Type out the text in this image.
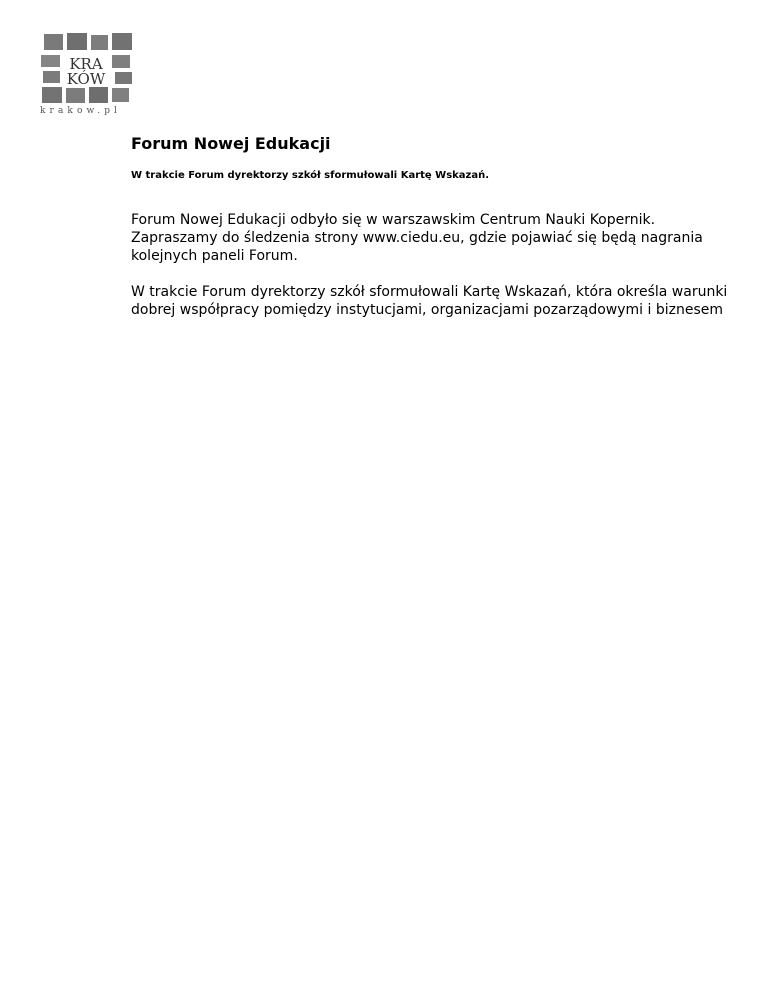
KRA
KÓW
krakow.pl
Forum Nowej Edukacji

W trakcie Forum dyrektorzy szkół sformułowali Kartę Wskazań.

Forum Nowej Edukacji odbyło się w warszawskim Centrum Nauki Kopernik. Zapraszamy do śledzenia strony www.ciedu.eu, gdzie pojawiać się będą nagrania kolejnych paneli Forum.

W trakcie Forum dyrektorzy szkół sformułowali Kartę Wskazań, która określa warunki dobrej współpracy pomiędzy instytucjami, organizacjami pozarządowymi i biznesem
